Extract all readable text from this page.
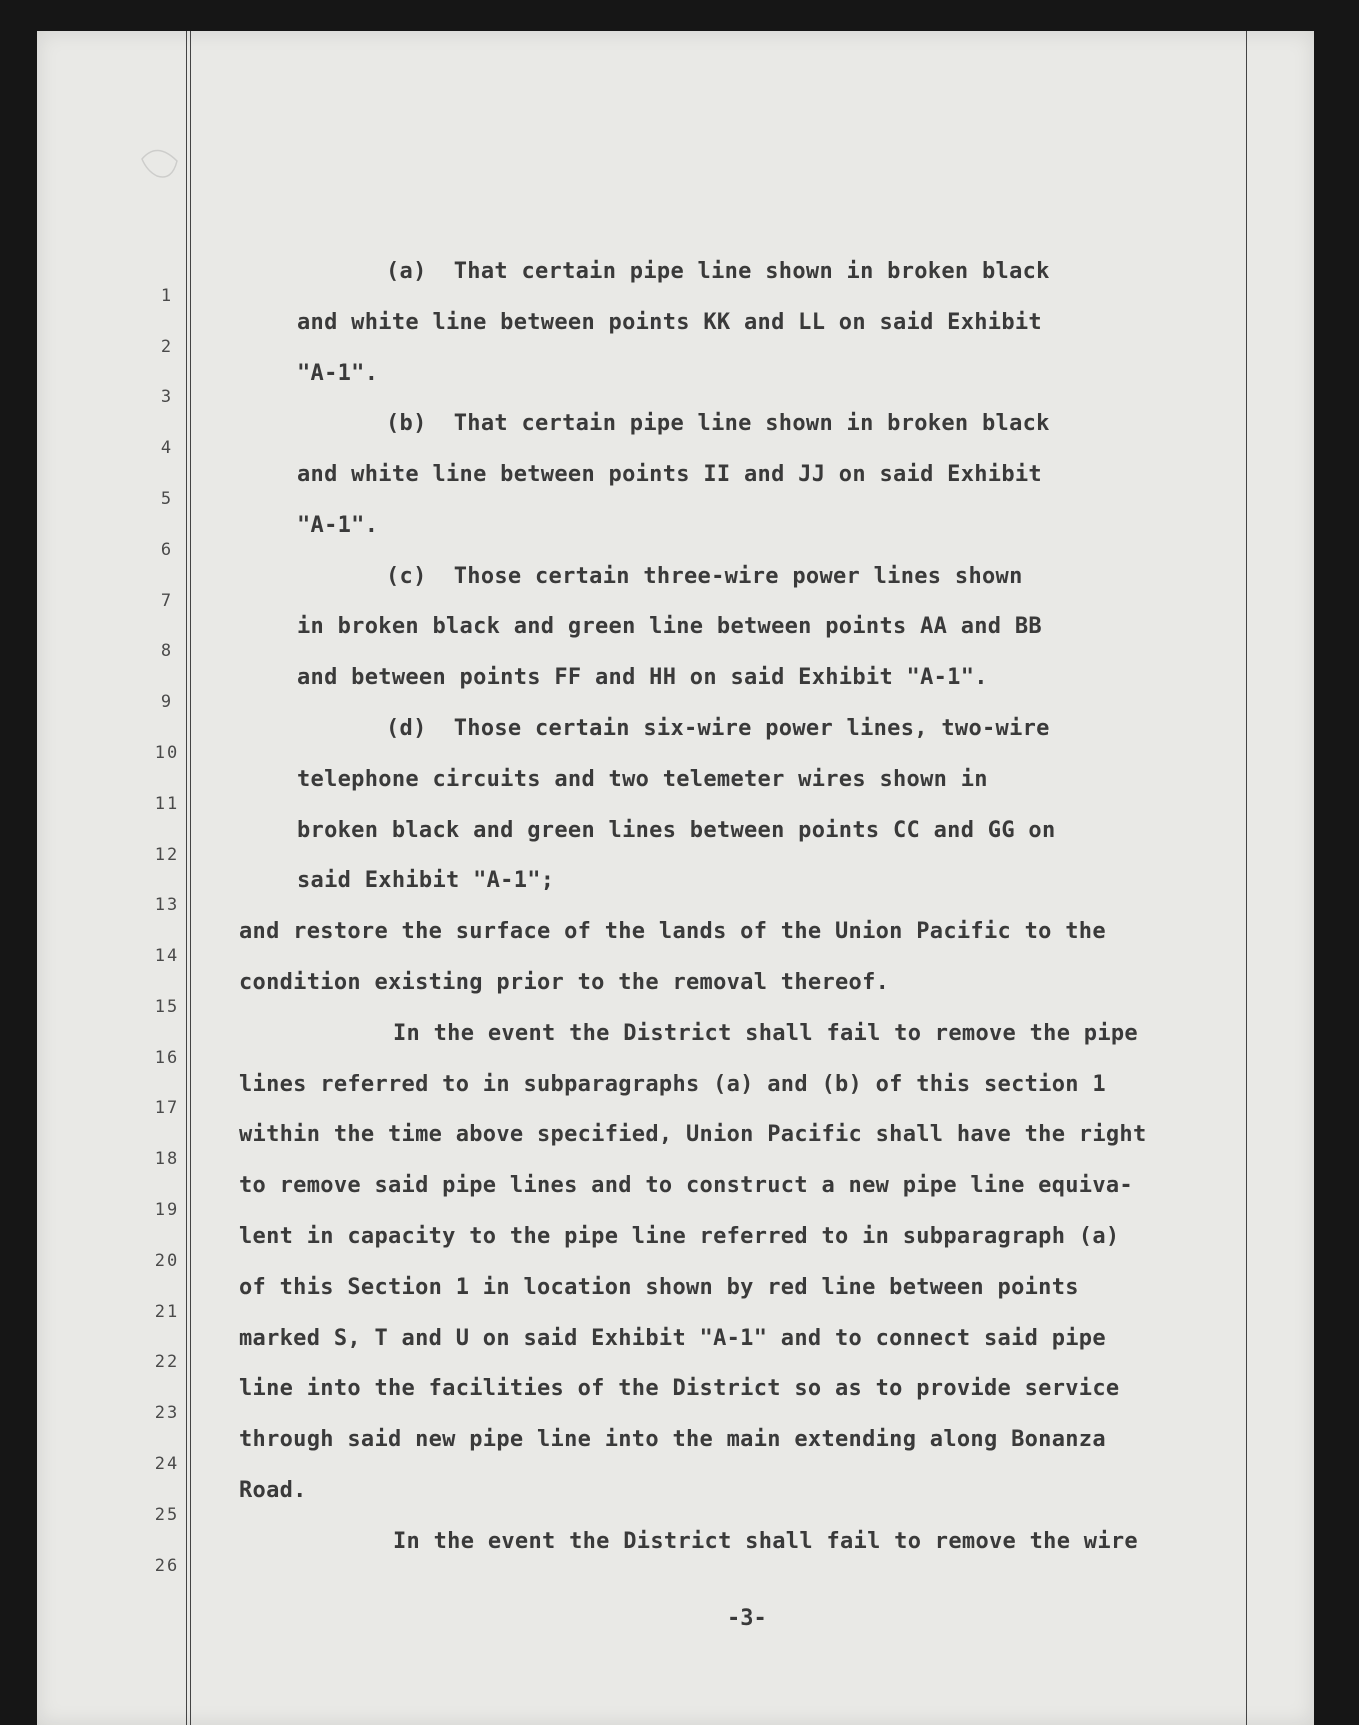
1
2
3
4
5
6
7
8
9
10
11
12
13
14
15
16
17
18
19
20
21
22
23
24
25
26
(a)  That certain pipe line shown in broken black
and white line between points KK and LL on said Exhibit
"A-1".
(b)  That certain pipe line shown in broken black
and white line between points II and JJ on said Exhibit
"A-1".
(c)  Those certain three-wire power lines shown
in broken black and green line between points AA and BB
and between points FF and HH on said Exhibit "A-1".
(d)  Those certain six-wire power lines, two-wire
telephone circuits and two telemeter wires shown in
broken black and green lines between points CC and GG on
said Exhibit "A-1";
and restore the surface of the lands of the Union Pacific to the
condition existing prior to the removal thereof.
In the event the District shall fail to remove the pipe
lines referred to in subparagraphs (a) and (b) of this section 1
within the time above specified, Union Pacific shall have the right
to remove said pipe lines and to construct a new pipe line equiva-
lent in capacity to the pipe line referred to in subparagraph (a)
of this Section 1 in location shown by red line between points
marked S, T and U on said Exhibit "A-1" and to connect said pipe
line into the facilities of the District so as to provide service
through said new pipe line into the main extending along Bonanza
Road.
In the event the District shall fail to remove the wire
-3-
